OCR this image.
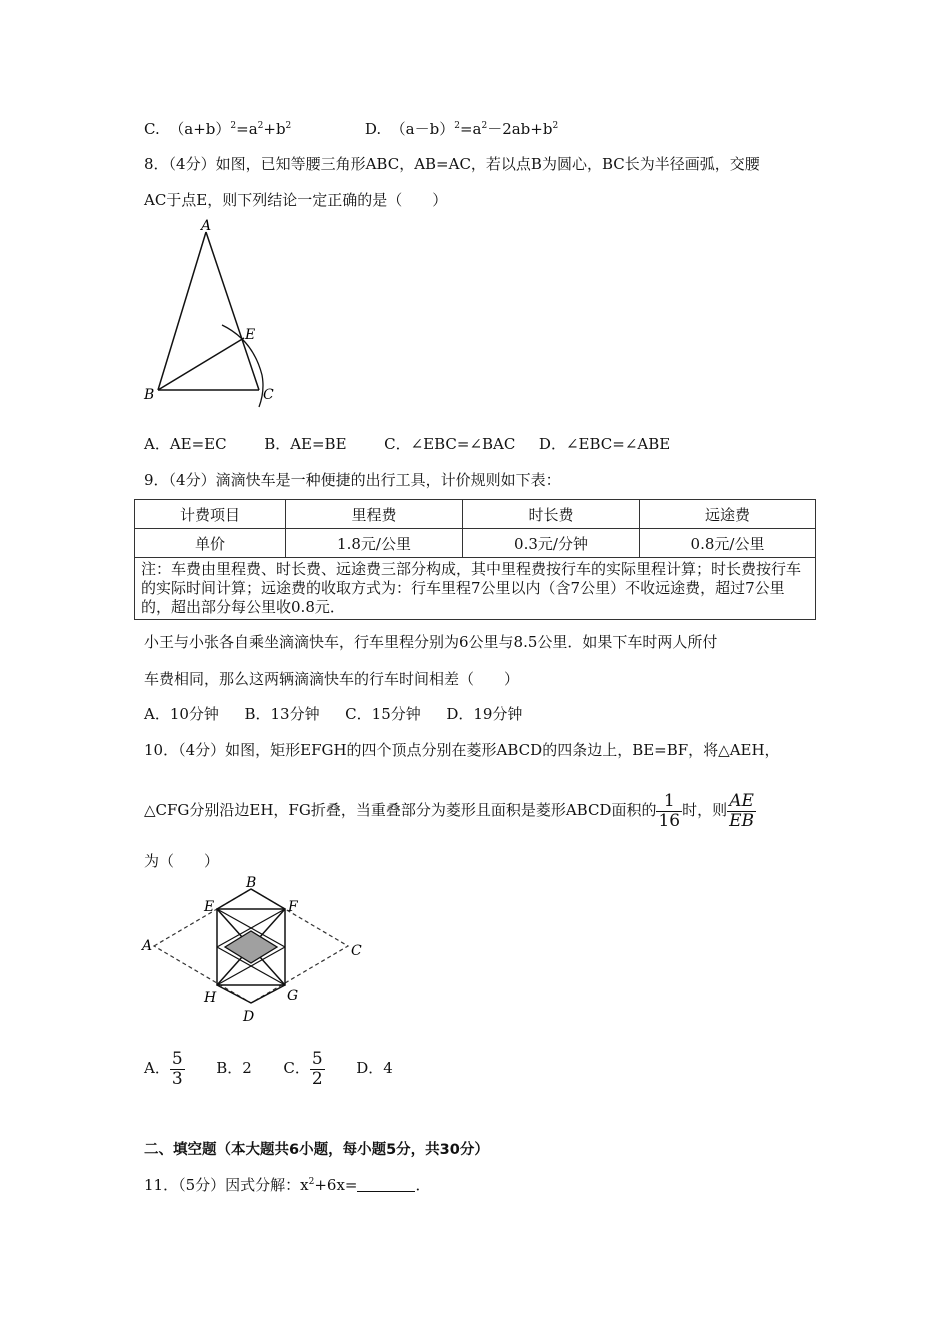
C. $(a+b)^2=a^2+b^2$	D. $(a-b)^2=a^2-2ab+b^2$
8．（4分）如图，已知等腰三角形ABC，AB=AC，若以点B为圆心，BC长为半径画弧，交腰
AC于点E，则下列结论一定正确的是（　　）
A
B	C
E
A．AE=EC	B．AE=BE	C．∠EBC=∠BAC D．∠EBC=∠ABE
9．（4分）滴滴快车是一种便捷的出行工具，计价规则如下表：
计费项目	里程费	时长费	远途费
单价	1.8元/公里	0.3元/分钟	0.8元/公里
注：车费由里程费、时长费、远途费三部分构成，其中里程费按行车的实际里程计算；时长费按行车的实际时间计算；远途费的收取方式为：行车里程7公里以内（含7公里）不收远途费，超过7公里的，超出部分每公里收0.8元．			
小王与小张各自乘坐滴滴快车，行车里程分别为6公里与8.5公里．如果下车时两人所付
车费相同，那么这两辆滴滴快车的行车时间相差（　　）
A．10分钟 B．13分钟 C．15分钟 D．19分钟
10．（4分）如图，矩形EFGH的四个顶点分别在菱形ABCD的四条边上，BE=BF，将△AEH，
△CFG分别沿边EH，FG折叠，当重叠部分为菱形且面积是菱形ABCD面积的 $\frac{1}{16}$ 时，则 $\frac{AE}{EB}$
为（　　）
A
B
C
D
E	F
G
H
A． $\frac{5}{3}$ B．2 C． $\frac{5}{2}$ D．4
二、填空题（本大题共6小题，每小题5分，共30分）
11．（5分）因式分解：$x^2+6x=$	．
